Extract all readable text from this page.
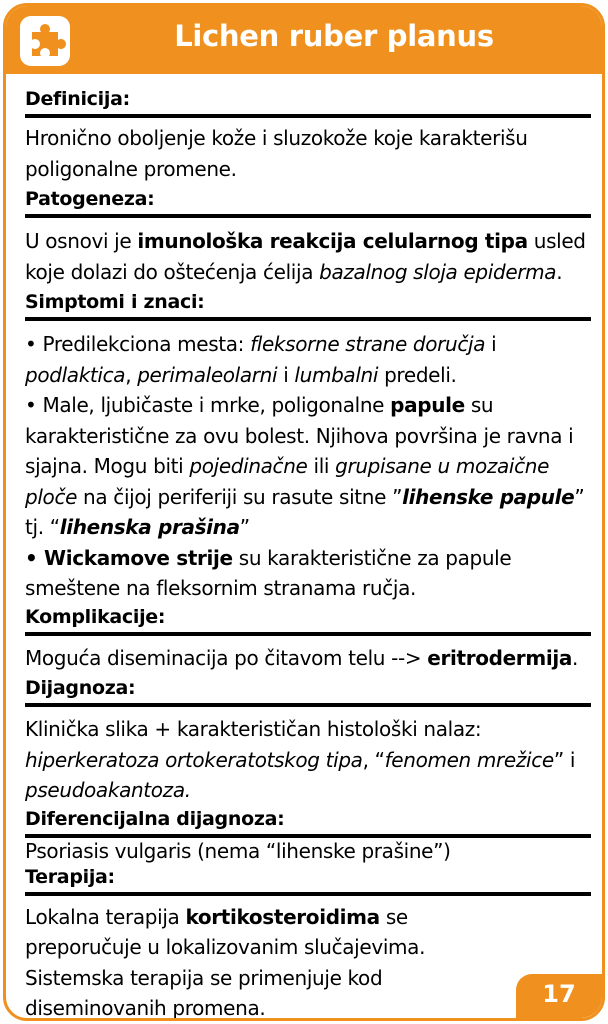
Lichen ruber planus
Definicija:
Hronično oboljenje kože i sluzokože koje karakterišu poligonalne promene.
Patogeneza:
U osnovi je imunološka reakcija celularnog tipa usled koje dolazi do oštećenja ćelija bazalnog sloja epiderma.
Simptomi i znaci:
• Predilekciona mesta: fleksorne strane doručja i podlaktica, perimaleolarni i lumbalni predeli.
• Male, ljubičaste i mrke, poligonalne papule su karakteristične za ovu bolest. Njihova površina je ravna i sjajna. Mogu biti pojedinačne ili grupisane u mozaične ploče na čijoj periferiji su rasute sitne ”lihenske papule” tj. “lihenska prašina”
• Wickamove strije su karakteristične za papule smeštene na fleksornim stranama ručja.
Komplikacije:
Moguća diseminacija po čitavom telu --> eritrodermija.
Dijagnoza:
Klinička slika + karakterističan histološki nalaz: hiperkeratoza ortokeratotskog tipa, “fenomen mrežice” i pseudoakantoza.
Diferencijalna dijagnoza:
Psoriasis vulgaris (nema “lihenske prašine”)
Terapija:
Lokalna terapija kortikosteroidima se preporučuje u lokalizovanim slučajevima. Sistemska terapija se primenjuje kod diseminovanih promena.	17
